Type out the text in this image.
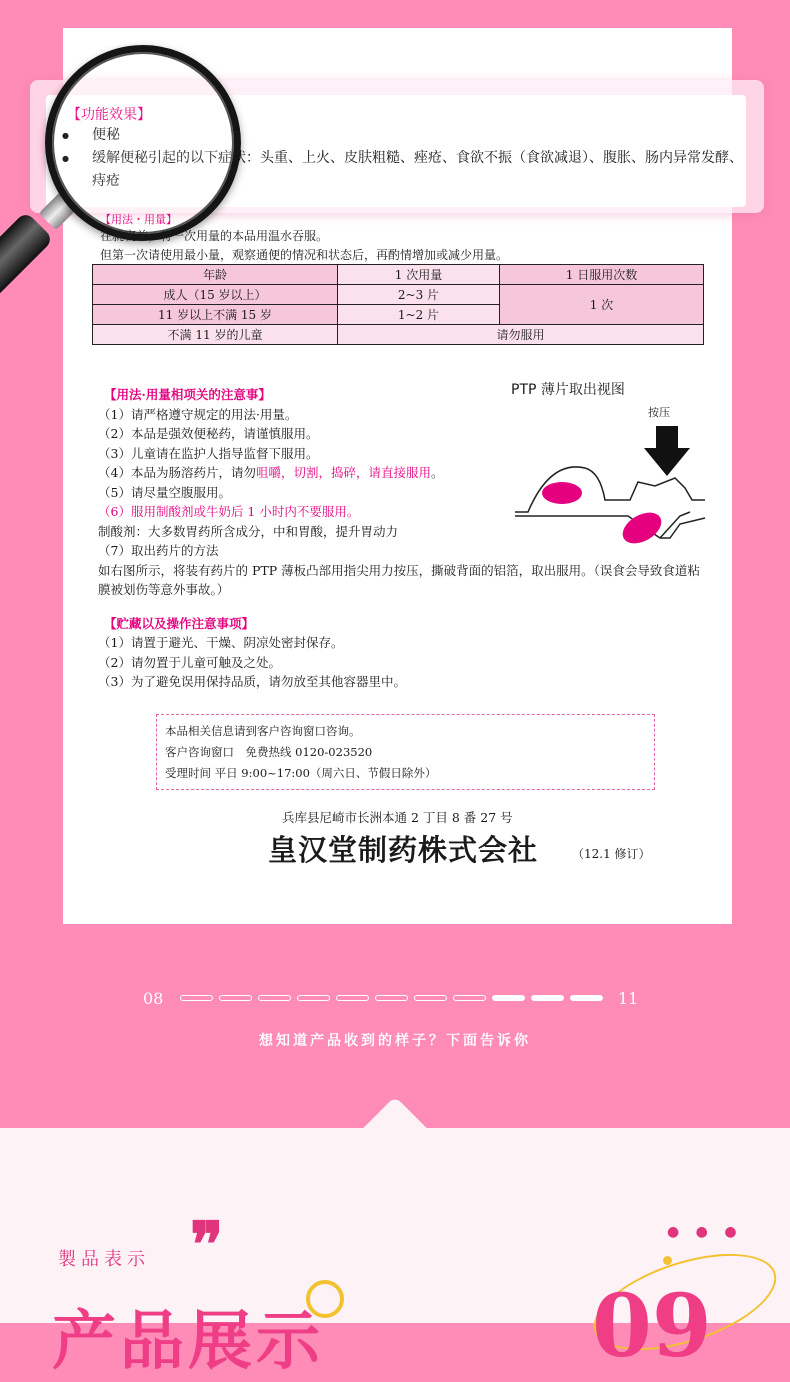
【功能效果】
● 便秘
● 缓解便秘引起的以下症状：头重、上火、皮肤粗糙、痤疮、食欲不振（食欲减退）、腹胀、肠内异常发酵、痔疮
【用法・用量】
在就寝前，将一次用量的本品用温水吞服。
但第一次请使用最小量，观察通便的情况和状态后，再酌情增加或减少用量。
年龄	1 次用量	1 日服用次数
成人（15 岁以上）	2~3 片	1 次
11 岁以上不满 15 岁	1~2 片	
不满 11 岁的儿童	请勿服用	
【用法·用量相项关的注意事】
（1）请严格遵守规定的用法·用量。
（2）本品是强效便秘药，请谨慎服用。
（3）儿童请在监护人指导监督下服用。
（4）本品为肠溶药片，请勿咀嚼，切割，捣碎，请直接服用。
（5）请尽量空腹服用。
（6）服用制酸剂或牛奶后 1 小时内不要服用。
制酸剂：大多数胃药所含成分，中和胃酸，提升胃动力
（7）取出药片的方法
如右图所示，将装有药片的 PTP 薄板凸部用指尖用力按压，撕破背面的铝箔，取出服用。（误食会导致食道粘膜被划伤等意外事故。）
【贮藏以及操作注意事项】
（1）请置于避光、干燥、阴凉处密封保存。
（2）请勿置于儿童可触及之处。
（3）为了避免误用保持品质，请勿放至其他容器里中。
PTP 薄片取出视图
按压
本品相关信息请到客户咨询窗口咨询。
客户咨询窗口　免费热线 0120-023520
受理时间 平日 9:00~17:00（周六日、节假日除外）
兵库县尼崎市长洲本通 2 丁目 8 番 27 号
皇汉堂制药株式会社	（12.1 修订）
08	11
想知道产品收到的样子？下面告诉你
製品表示 ❞	● ● ●
产品展示	09
